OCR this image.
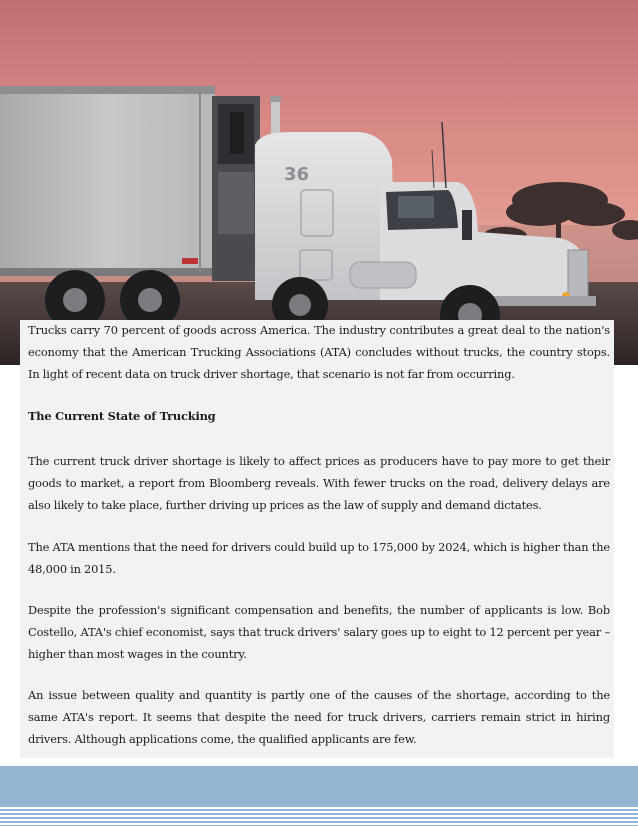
36

Trucks carry 70 percent of goods across America. The industry contributes a great deal to the nation's economy that the American Trucking Associations (ATA) concludes without trucks, the country stops. In light of recent data on truck driver shortage, that scenario is not far from occurring.

The Current State of Trucking

The current truck driver shortage is likely to affect prices as producers have to pay more to get their goods to market, a report from Bloomberg reveals. With fewer trucks on the road, delivery delays are also likely to take place, further driving up prices as the law of supply and demand dictates.

The ATA mentions that the need for drivers could build up to 175,000 by 2024, which is higher than the 48,000 in 2015.

Despite the profession's significant compensation and benefits, the number of applicants is low. Bob Costello, ATA's chief economist, says that truck drivers' salary goes up to eight to 12 percent per year – higher than most wages in the country.

An issue between quality and quantity is partly one of the causes of the shortage, according to the same ATA's report. It seems that despite the need for truck drivers, carriers remain strict in hiring drivers. Although applications come, the qualified applicants are few.
